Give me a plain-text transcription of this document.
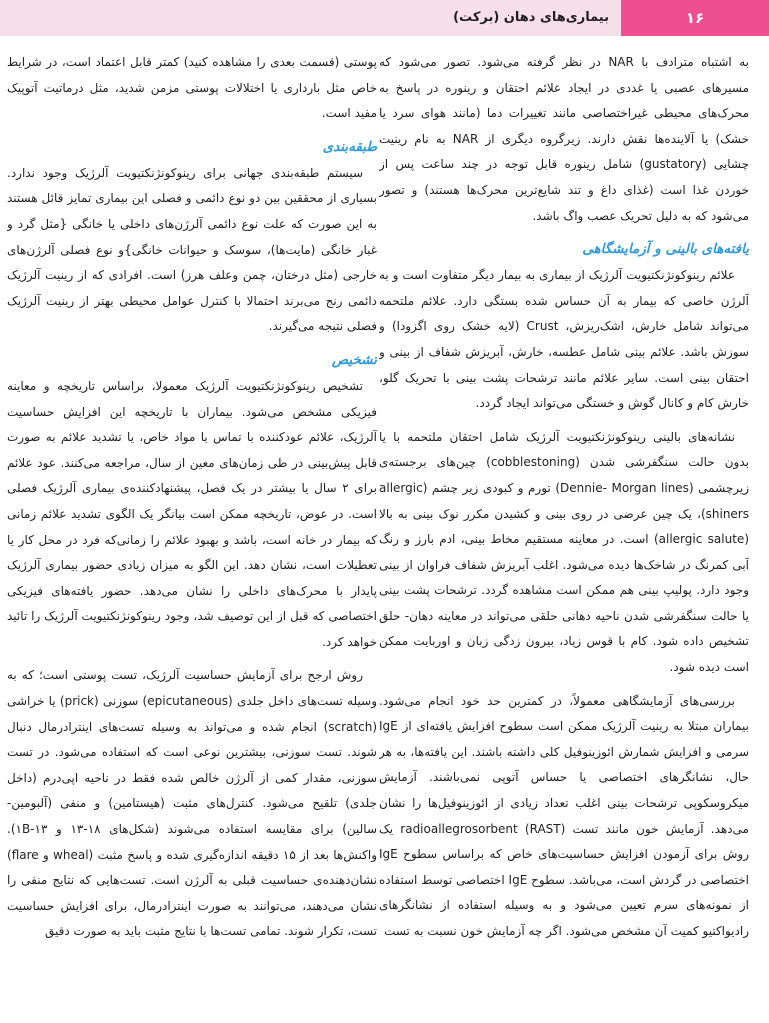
۱۶
بیماری‌های دهان (برکت)

به اشتباه مترادف با NAR در نظر گرفته می‌شود. تصور می‌شود که مسیرهای عصبی یا غددی در ایجاد علائم احتقان و رینوره در پاسخ به محرک‌های محیطی غیراختصاصی مانند تغییرات دما (مانند هوای سرد یا خشک) یا آلاینده‌ها نقش دارند. زیرگروه دیگری از NAR به نام رینیت چشایی (gustatory) شامل رینوره قابل توجه در چند ساعت پس از خوردن غذا است (غذای داغ و تند شایع‌ترین محرک‌ها هستند) و تصور می‌شود که به دلیل تحریک عصب واگ باشد.

یافته‌های بالینی و آزمایشگاهی

علائم رینوکونژنکتیویت آلرژیک از بیماری به بیمار دیگر متفاوت است و به آلرژن خاصی که بیمار به آن حساس شده بستگی دارد. علائم ملتحمه می‌تواند شامل خارش، اشک‌ریزش، Crust (لایه خشک روی اگزودا) و سوزش باشد. علائم بینی شامل عطسه، خارش، آبریزش شفاف از بینی و احتقان بینی است. سایر علائم مانند ترشحات پشت بینی با تحریک گلو، خارش کام و کانال گوش و خستگی می‌تواند ایجاد گردد.

نشانه‌های بالینی رینوکونژنکتیویت آلرژیک شامل احتقان ملتحمه با یا بدون حالت سنگفرشی شدن (cobblestoning) چین‌های برجسته‌ی زیرچشمی (Dennie- Morgan lines) تورم و کبودی زیر چشم (allergic shiners)، یک چین عرضی در روی بینی و کشیدن مکرر نوک بینی به بالا (allergic salute) است. در معاینه مستقیم مخاط بینی، ادم بارز و رنگ آبی کمرنگ در شاخک‌ها دیده می‌شود. اغلب آبریزش شفاف فراوان از بینی وجود دارد. پولیپ بینی هم ممکن است مشاهده گردد. ترشحات پشت بینی یا حالت سنگفرشی شدن ناحیه دهانی حلقی می‌تواند در معاینه دهان- حلق تشخیص داده شود. کام با قوس زیاد، بیرون زدگی زبان و اوربایت ممکن است دیده شود.

بررسی‌های آزمایشگاهی معمولاً، در کمترین حد خود انجام می‌شود. بیماران مبتلا به رینیت آلرژیک ممکن است سطوح افزایش یافته‌ای از IgE سرمی و افزایش شمارش ائوزینوفیل کلی داشته باشند. این یافته‌ها، به هر حال، نشانگرهای اختصاصی یا حساس آتوپی نمی‌باشند. آزمایش میکروسکوپی ترشحات بینی اغلب تعداد زیادی از ائوزینوفیل‌ها را نشان می‌دهد. آزمایش خون مانند تست radioallegrosorbent (RAST) یک روش برای آزمودن افزایش حساسیت‌های خاص که براساس سطوح IgE اختصاصی در گردش است، می‌باشد. سطوح IgE اختصاصی توسط استفاده از نمونه‌های سرم تعیین می‌شود و به وسیله استفاده از نشانگرهای رادیواکتیو کمیت آن مشخص می‌شود. اگر چه آزمایش خون نسبت به تست

پوستی (قسمت بعدی را مشاهده کنید) کمتر قابل اعتماد است، در شرایط خاص مثل بارداری یا اختلالات پوستی مزمن شدید، مثل درماتیت آتوپیک مفید است.

طبقه‌بندی

سیستم طبقه‌بندی جهانی برای رینوکونژنکتیویت آلرژیک وجود ندارد. بسیاری از محققین بین دو نوع دائمی و فصلی این بیماری تمایز قائل هستند به این صورت که علت نوع دائمی آلرژن‌های داخلی یا خانگی {مثل گرد و غبار خانگی (مایت‌ها)، سوسک و حیوانات خانگی}و نوع فصلی آلرژن‌های خارجی (مثل درختان، چمن وعلف هرز) است. افرادی که از رینیت آلرژیک دائمی رنج می‌برند احتمالا با کنترل عوامل محیطی بهتر از رینیت آلرژیک فصلی نتیجه می‌گیرند.

تشخیص

تشخیص رینوکونژنکتیویت آلرژیک معمولا، براساس تاریخچه و معاینه فیزیکی مشخص می‌شود. بیماران با تاریخچه این افزایش حساسیت آلرژیک، علائم عودکننده با تماس با مواد خاص، یا تشدید علائم به صورت قابل پیش‌بینی در طی زمان‌های معین از سال، مراجعه می‌کنند. عود علائم برای ۲ سال یا بیشتر در یک فصل، پیشنهادکننده‌ی بیماری آلرژیک فصلی است. در عوض، تاریخچه ممکن است بیانگر یک الگوی تشدید علائم زمانی که بیمار در خانه است، باشد و بهبود علائم را زمانی‌که فرد در محل کار یا تعطیلات است، نشان دهد. این الگو به میزان زیادی حضور بیماری آلرژیک پایدار با محرک‌های داخلی را نشان می‌دهد. حضور یافته‌های فیزیکی اختصاصی که قبل از این توصیف شد، وجود رینوکونژنکتیویت آلرژیک را تائید خواهد کرد.

روش ارجح برای آزمایش حساسیت آلرژیک، تست پوستی است؛ که به وسیله تست‌های داخل جلدی (epicutaneous) سوزنی (prick) یا خراشی (scratch) انجام شده و می‌تواند به وسیله تست‌های اینترادرمال دنبال شوند. تست سوزنی، بیشترین نوعی است که استفاده می‌شود. در تست سوزنی، مقدار کمی از آلرژن خالص شده فقط در ناحیه اپی‌درم (داخل جلدی) تلقیح می‌شود. کنترل‌های مثبت (هیستامین) و منفی (آلبومین- سالین) برای مقایسه استفاده می‌شوند (شکل‌های ۱۸-۱۳ و ۱B-۱۳). واکنش‌ها بعد از ۱۵ دقیقه اندازه‌گیری شده و پاسخ مثبت (wheal و flare) نشان‌دهنده‌ی حساسیت قبلی به آلرژن است. تست‌هایی که نتایج منفی را نشان می‌دهند، می‌توانند به صورت اینترادرمال، برای افزایش حساسیت تست، تکرار شوند. تمامی تست‌ها با نتایج مثبت باید به صورت دقیق
